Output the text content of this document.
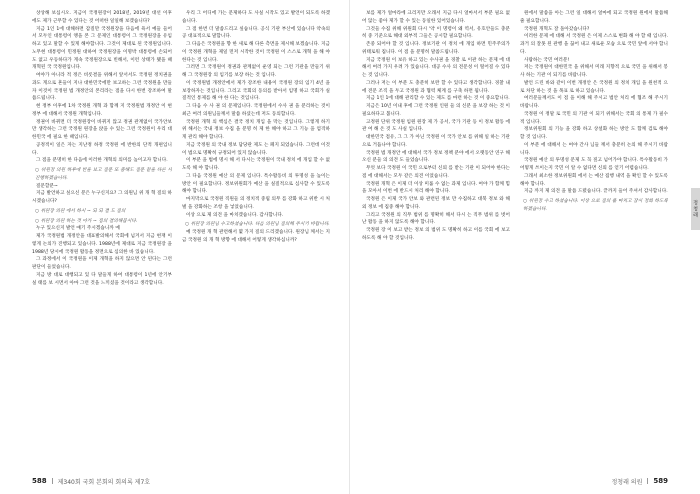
상상해 보십시오. 지금이 국정원장이 2018년, 2019년 대선 이후에도 제가 근무할 수 있다는 것 어떠한 일일해 보겠습니다?

지금 1인 1에 대해하면 갑질만 국정원장을 다음에 욕서 예들 들어서 모두인 대통령이 앵을 본 그 문제인 대통령이 그 국정원장을 유임하고 있고 말할 수 있게 해야합니다. 그것이 제대로 된 국정원입니다. 노무현 대통령이 민정원 대하여 국정원장을 이명박 대통령에 손되어도 없고 우등하다가 게속 국정원장으로 빈해서, 이런 상태가 됐을 때 개혁된 국 국정원입니다.

여야가 아니라 적 정은 비롯결을 위해서 앞서서도 국정원 정치권을 과도 게으로 흔들이 지나 대한민국에만 보고하는 그런 국정원을 만들자 이것이 국정원 법 개정안의 본리라는 점을 다시 한번 강조하여 말씀드립니다.

현 정부 이후에 1차 국정원 개혁 과 함께 지 국정원법 개정안 이 현 정부 에 대해서 국정원 개혁입니다.

정권이 바뀌면 더 국정원장이 바뀌지 않고 정권 관계없이 국가안보만 생각하는 그런 국정원 원장을 앉을 수 있는 그런 국정원이 우리 대한민국 에 필요 한 때입니다.

공정적이 일은 자는 지난정 하정 국정원 에 반한의 단적 개편입니다.

그 점을 분명히 한 다음에 이러한 개혁의 의미를 높이고자 합니다.

○ 위원장 의원 하루에 반을 보고 질문 또 종해도 질문 끝을 다른 시 진행하겠습니다.

질문할분~

지금 발언하고 싶으신 분은 누구신지요? 그 의원님 위 개 혁 질의 하시겠습니다?

○ 위원장 의원 에서 하시 ~ 되 되 결 드 질의

○ 위원장 의원 하는 것 아가 ~ 집의 결의해봅시다.

누구 있으신지 발언 얘기 주시겠습니까 예

제가 국정원법 개정안을 대표발의해서 국회에 넘겨서 지금 현재 이렇게 논의가 진행되고 있습니다. 1988년에 제대로 지금 국정원장 을 1988년 당시에 국정원 활동을 정면으로 심의한 바 있습니다.

그 과정에서 이 국정원을 이제 개혁을 하지 않으면 안 된다는 그런 판단이 들었습니다.

지금 방 대로 대행되고 있 다 말들게 하여 대통령이 1년에 안기부 실 태를 보 시면서 아마 그런 것을 느끼셨을 것이라고 생각합니다.

우리 그 어디에 가는 문제하다 도 사실 시작도 있고 발언이 되도록 하겠습니다.

그 점 한번 더 말씀드리고 싶습니다. 공식 기관 부산에 있습니다 약속의 공 대표적으로 말합니다.

그 다음은 국정원을 향 한 새로 해 다른 측면을 제시해 보겠습니다. 지금 이 국정원 개혁을 제일 먼저 시작한 것이 국정원 이 스스로 개혁 을 해 야 한다는 것 입니다.

그러면 그 국정원이 정권과 관계없이 운영 되는 그런 기관을 만들기 위해 그 국정원장 의 임기를 보장 하는 것 입니다.

이 국정원법 개정안에서 제가 강조한 내용이 국정원 장의 임기 4년 을 보장하자는 것입니다. 그리고 국회의 동의를 받아서 임명 하고 국회가 실질적인 통제를 해 야 한 다는 것입니다.

그 다음 수 사 권 의 문제입니다. 국정원에서 수사 권 을 분리하는 것이 최근 여러 의원님들께서 말씀 하셨는데 저도 동의합니다.

국정원 개혁 의 핵심은 결국 정치 개입 을 막는 것입니다. 그렇게 하기 위 해서는 국내 정보 수집 을 분명 히 제 한 해야 하고 그 기능 을 엄격하게 관리 해야 합니다.

지금 국정원 의 국내 정보 담당관 제도 는 폐지 되었습니다. 그런데 이것이 법으로 명확히 규정되어 있지 않습니다.

이 부분 을 법에 명시 해 서 다시는 국정원이 국내 정치 에 개입 할 수 없도록 해 야 합니다.

그 다음 국정원 예산 의 문제 입니다. 특수활동비 의 투명성 을 높이는 방안 이 필요합니다. 정보위원회가 예산 을 실질적으로 심사할 수 있도록 해야 합니다.

마지막으로 국정원 직원들 의 정치적 중립 의무 를 강화 하고 위반 시 처벌 을 강화하는 조항 을 넣었습니다.

이상 으로 제 의견 을 마치겠습니다. 감사합니다.

○ 위원장 의원님 수고하셨습니다. 다음 의원님 질의해 주시기 바랍니다.

예 국정원 개 혁 관련해서 몇 가지 질의 드리겠습니다. 원장님 께서는 지금 국정원 의 개 혁 방향 에 대해서 어떻게 생각하십니까?

588 제340회 국회 본회의 회의록 제7호

보를 제가 얼마라에 크리지만 오래서 지금 다시 얼마서서 부분 필요 없어 않는 좋아 제가 할 수 있는 동일한 있어있습니다.

그것들 수집 위해 위원회 다시 '약 이 명령이 왜 역서, 유호안들도 충분히 중 기준으로 해대 외부적 그들은 공시할 필요합니다.

존중 되어야 할 것 입니다. 정보기관 이 정치 에 개입 하면 민주주의가 위태로워 집니다. 이 점 을 분명히 말씀드립니다.

지금 국정원 이 보유 하고 있는 수사권 을 경찰 로 이관 하는 문제 에 대해서 여러 가지 우려 가 있습니다. 대공 수사 의 전문성 이 떨어질 수 있다는 것 입니다.

그러나 저는 이 부분 도 충분히 보완 할 수 있다고 생각합니다. 경찰 내에 전문 조직 을 두고 국정원 과 협력 체계 를 구축 하면 됩니다.

지금 1인 1에 대해 관리할 수 있는 제도 를 마련 하는 것 이 중요합니다.

지금은 10년 이내 후에 그런 국정원 인원 들 의 신분 을 보장 하는 것 이 필요하다고 봅니다.

고정원 단위 국정원 임원 원장 제 가 공서, 국가 기관 등 이 정보 활동 에 관 여 해 온 것 도 사실 입니다.

대한민국 점유, 그 그 가 아닌 국정원 이 국가 안보 를 위해 일 하는 기관 으로 거듭나야 합니다.

국정원 법 개정안 에 대해서 국가 정보 정책 분야 에서 오랫동안 연구 해 오신 분들 의 의견 도 들었습니다.

무엇 보다 국정원 이 국민 으로부터 신뢰 를 받는 기관 이 되어야 한다는 점 에 대해서는 모두 같은 의견 이었습니다.

국정원 개혁 은 이제 더 이상 미룰 수 없는 과제 입니다. 여야 가 함께 힘을 모아서 이번 에 반드시 처리 해야 합니다.

국정원 은 이제 국가 안보 와 관련된 정보 만 수집하고 대북 정보 와 해외 정보 에 집중 해야 합니다.

그리고 국정원 의 직무 범위 를 명확히 해서 다시 는 직무 범위 를 벗어난 활동 을 하지 않도록 해야 합니다.

국정원 장 이 보고 받는 정보 의 범위 도 명확히 하고 이를 국회 에 보고 하도록 해 야 할 것입니다.

원에서 말씀을 아는 그런 일 대해서 얼마에 되고 국정원 원에서 말씀해 줄 필요합니다.

국정원 개혁도 잘 돌아갔습니다?

이러한 문제 에 대해 서 국정원 은 이제 스스로 변화 해 야 할 때 입니다. 과거 의 잘못 된 관행 을 끊어 내고 새로운 모습 으로 국민 앞에 서야 합니다.

사람하는 국민 여러분!

저는 국정원이 대한민국 을 위해서 미래 지향적 으로 국민 을 위해서 봉사 하는 기관 이 되기를 바랍니다.

발언 드린 바와 같이 이번 개정안 은 국정원 의 정치 개입 을 원천적 으로 차단 하는 것 을 목표 로 하고 있습니다.

여러분들께서도 이 점 을 이해 해 주시고 법안 처리 에 협조 해 주시기 바랍니다.

국정원 이 정말 로 국민 의 기관 이 되기 위해서는 국회 의 통제 가 필수적 입니다.

정보위원회 의 기능 을 강화 하고 상설화 하는 방안 도 함께 검토 해야 할 것 입니다.

이 부분 에 대해서 는 여야 간사 님들 께서 충분히 논의 해 주시기 바랍니다.

국정원 예산 의 투명성 문제 도 꼭 짚고 넘어가야 합니다. 특수활동비 가 어떻게 쓰이는지 국민 이 알 수 없다면 신뢰 를 얻기 어렵습니다.

그래서 최소한 정보위원회 에서 는 예산 집행 내역 을 확인 할 수 있도록 해야 합니다.

지금 까지 제 의견 을 말씀 드렸습니다. 끝까지 들어 주셔서 감사합니다.

○ 위원장 수고 하셨습니다. 이상 으로 질의 를 마치고 잠시 정회 하도록 하겠습니다.	정청래
정청래 의원 589
